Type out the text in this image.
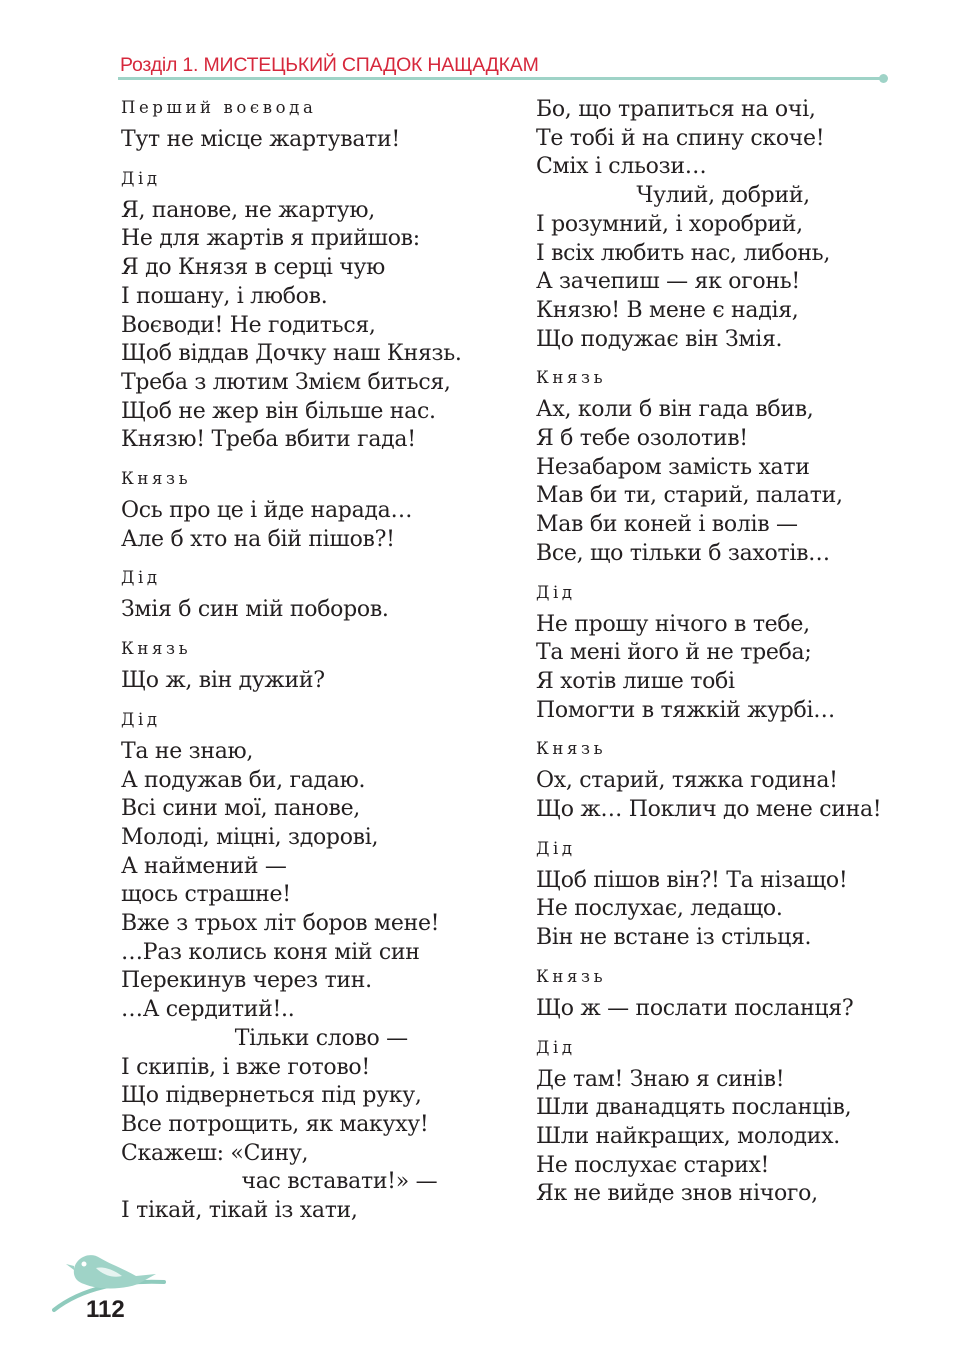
Розділ 1. МИСТЕЦЬКИЙ СПАДОК НАЩАДКАМ
Перший воєвода
Тут не місце жартувати!
Дід
Я, панове, не жартую,
Не для жартів я прийшов:
Я до Князя в серці чую
І пошану, і любов.
Воєводи! Не годиться,
Щоб віддав Дочку наш Князь.
Треба з лютим Змієм биться,
Щоб не жер він більше нас.
Князю! Треба вбити гада!
Князь
Ось про це і йде нарада…
Але б хто на бій пішов?!
Дід
Змія б син мій поборов.
Князь
Що ж, він дужий?
Дід
Та не знаю,
А подужав би, гадаю.
Всі сини мої, панове,
Молоді, міцні, здорові,
А наймений —
щось страшне!
Вже з трьох літ боров мене!
…Раз колись коня мій син
Перекинув через тин.
…А сердитий!..
Тільки слово —
І скипів, і вже готово!
Що підвернеться під руку,
Все потрощить, як макуху!
Скажеш: «Сину,
час вставати!» —
І тікай, тікай із хати,
Бо, що трапиться на очі,
Те тобі й на спину скоче!
Сміх і сльози…
Чулий, добрий,
І розумний, і хоробрий,
І всіх любить нас, либонь,
А зачепиш — як огонь!
Князю! В мене є надія,
Що подужає він Змія.
Князь
Ах, коли б він гада вбив,
Я б тебе озолотив!
Незабаром замість хати
Мав би ти, старий, палати,
Мав би коней і волів —
Все, що тільки б захотів…
Дід
Не прошу нічого в тебе,
Та мені його й не треба;
Я хотів лише тобі
Помогти в тяжкій журбі…
Князь
Ох, старий, тяжка година!
Що ж… Поклич до мене сина!
Дід
Щоб пішов він?! Та нізащо!
Не послухає, ледащо.
Він не встане із стільця.
Князь
Що ж — послати посланця?
Дід
Де там! Знаю я синів!
Шли дванадцять посланців,
Шли найкращих, молодих.
Не послухає старих!
Як не вийде знов нічого,
112
